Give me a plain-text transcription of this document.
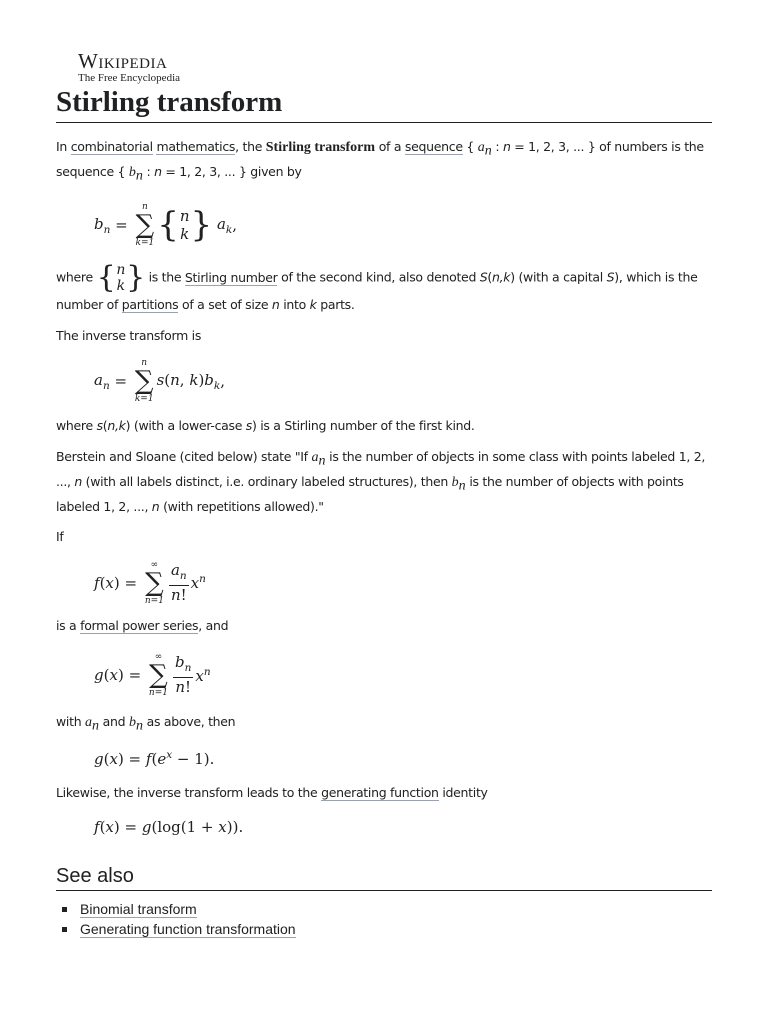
Wikipedia
The Free Encyclopedia
Stirling transform

In combinatorial mathematics, the Stirling transform of a sequence { $a_n$ : n = 1, 2, 3, ... } of numbers is the sequence { $b_n$ : n = 1, 2, 3, ... } given by

$b_n$ =
n
∑
k=1 { n
k } $a_k$ ,

where { n
k } is the Stirling number of the second kind, also denoted S(n,k) (with a capital S), which is the number of partitions of a set of size n into k parts.

The inverse transform is

$a_n$ =
n
∑
k=1
s(n, $k)b_k$ ,

where s(n,k) (with a lower-case s) is a Stirling number of the first kind.

Berstein and Sloane (cited below) state "If $a_n$ is the number of objects in some class with points labeled 1, 2, ..., n (with all labels distinct, i.e. ordinary labeled structures), then $b_n$ is the number of objects with points labeled 1, 2, ..., n (with repetitions allowed)."

If

f(x) =
∞
∑
$n=1 \frac{a_n}{n!} x^n$

is a formal power series, and

g(x) =
∞
∑
$n=1 \frac{b_n}{n!} x^n$

with $a_n$ and $b_n$ as above, then

$g(x) = f(e^x - 1)$.

Likewise, the inverse transform leads to the generating function identity

f(x) = g(log(1 + x)).
See also
Binomial transform
Generating function transformation
